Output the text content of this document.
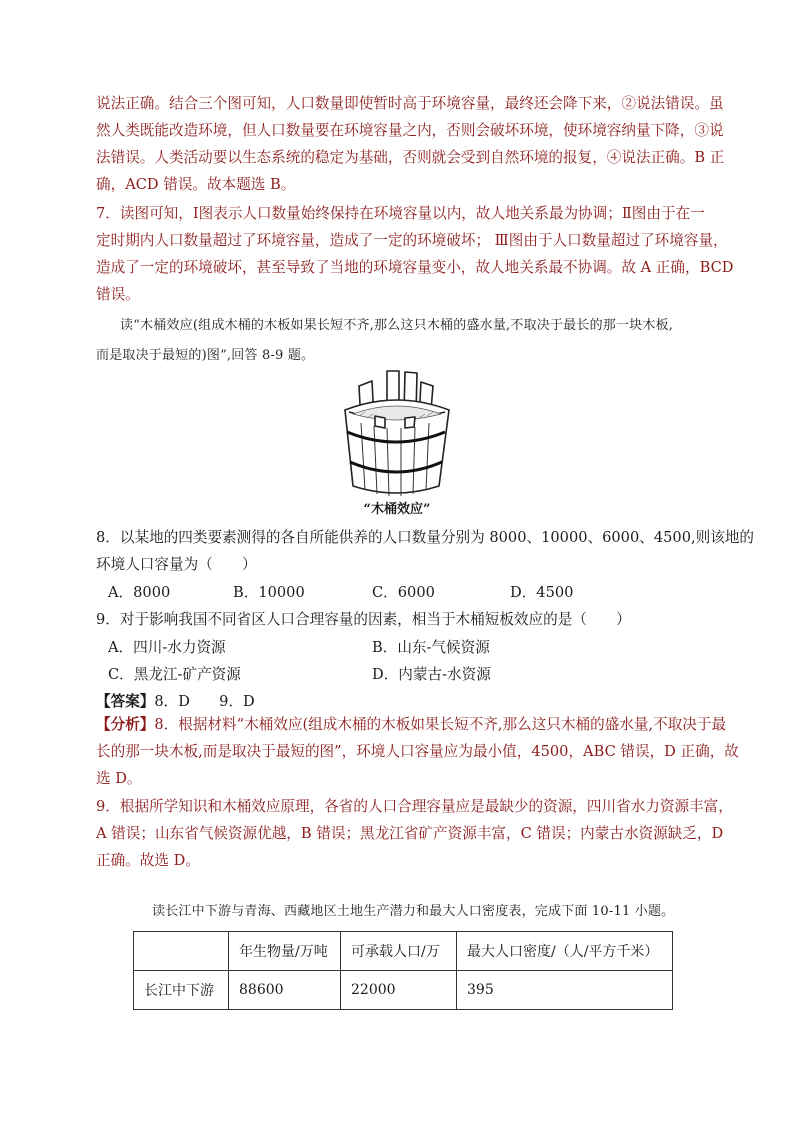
说法正确。结合三个图可知，人口数量即使暂时高于环境容量，最终还会降下来，②说法错误。虽
然人类既能改造环境，但人口数量要在环境容量之内，否则会破坏环境，使环境容纳量下降，③说
法错误。人类活动要以生态系统的稳定为基础，否则就会受到自然环境的报复，④说法正确。B 正
确，ACD 错误。故本题选 B。
7．读图可知，Ⅰ图表示人口数量始终保持在环境容量以内，故人地关系最为协调；Ⅱ图由于在一
定时期内人口数量超过了环境容量，造成了一定的环境破坏； Ⅲ图由于人口数量超过了环境容量，
造成了一定的环境破坏，甚至导致了当地的环境容量变小，故人地关系最不协调。故 A 正确，BCD
错误。
读“木桶效应(组成木桶的木板如果长短不齐,那么这只木桶的盛水量,不取决于最长的那一块木板,
而是取决于最短的)图”,回答 8-9 题。
“木桶效应”
8．以某地的四类要素测得的各自所能供养的人口数量分别为 8000、10000、6000、4500,则该地的
环境人口容量为（　　）
A．8000	B．10000	C．6000	D．4500
9．对于影响我国不同省区人口合理容量的因素，相当于木桶短板效应的是（　　）
A．四川-水力资源	B．山东-气候资源
C．黑龙江-矿产资源	D．内蒙古-水资源
【答案】8．D　　9．D
【分析】8．根据材料“木桶效应(组成木桶的木板如果长短不齐,那么这只木桶的盛水量,不取决于最
长的那一块木板,而是取决于最短的图”，环境人口容量应为最小值，4500，ABC 错误，D 正确，故
选 D。
9．根据所学知识和木桶效应原理，各省的人口合理容量应是最缺少的资源，四川省水力资源丰富，
A 错误；山东省气候资源优越，B 错误；黑龙江省矿产资源丰富，C 错误；内蒙古水资源缺乏，D
正确。故选 D。
读长江中下游与青海、西藏地区土地生产潜力和最大人口密度表，完成下面 10-11 小题。
	年生物量/万吨	可承载人口/万	最大人口密度/（人/平方千米）
长江中下游	88600	22000	395
